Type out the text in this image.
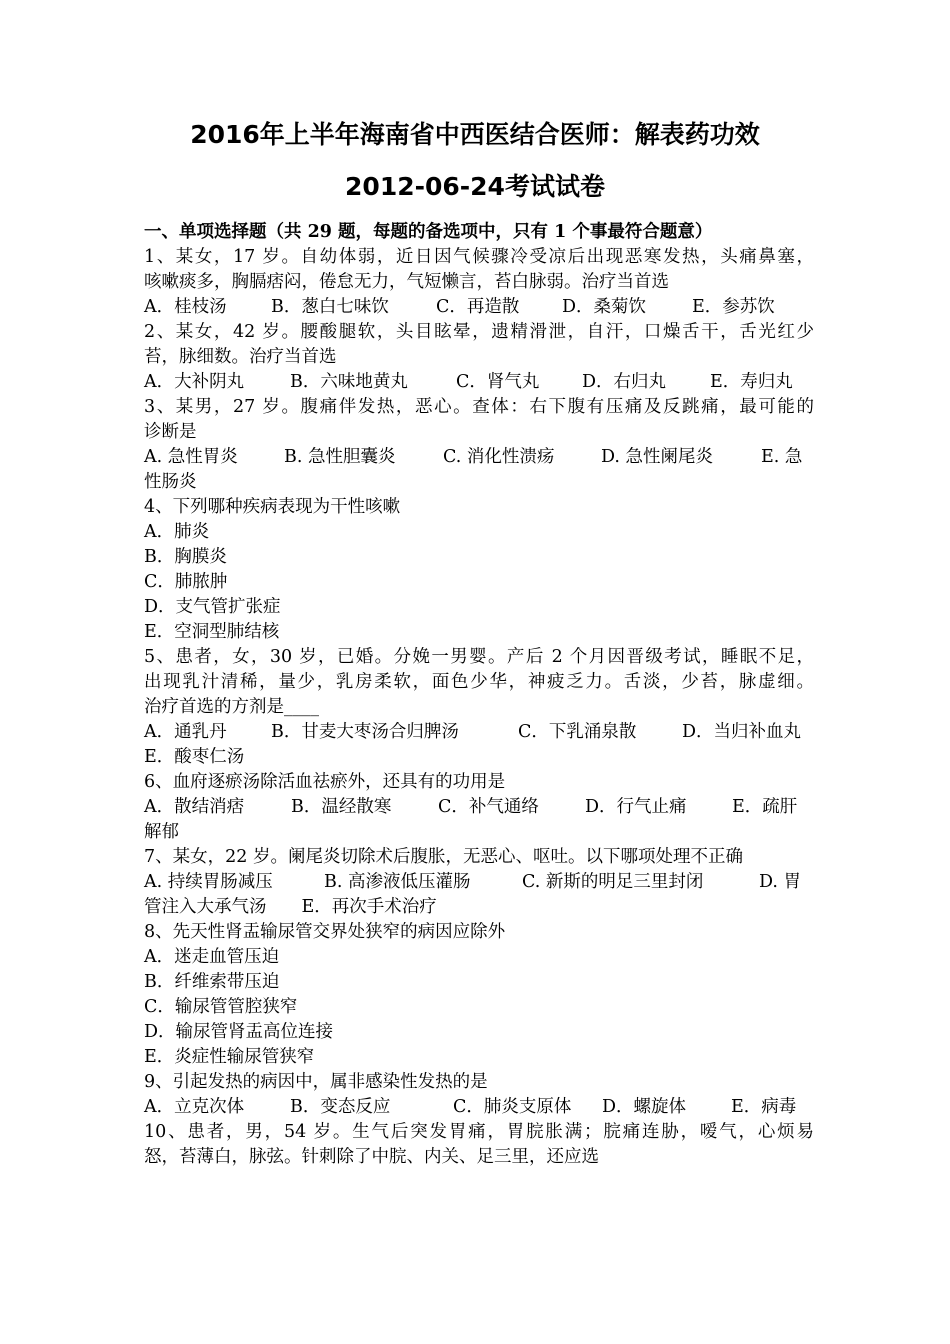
2016年上半年海南省中西医结合医师：解表药功效
2012-06-24考试试卷
一、单项选择题（共 29 题，每题的备选项中，只有 1 个事最符合题意）
1、某女，17 岁。自幼体弱，近日因气候骤冷受凉后出现恶寒发热，头痛鼻塞，
咳嗽痰多，胸膈痞闷，倦怠无力，气短懒言，苔白脉弱。治疗当首选
A．桂枝汤	B．葱白七味饮	C．再造散	D．桑菊饮	E．参苏饮
2、某女，42 岁。腰酸腿软，头目眩晕，遗精滑泄，自汗，口燥舌干，舌光红少
苔，脉细数。治疗当首选
A．大补阴丸	B．六味地黄丸	C．肾气丸	D．右归丸	E．寿归丸
3、某男，27 岁。腹痛伴发热，恶心。查体：右下腹有压痛及反跳痛，最可能的
诊断是
A. 急性胃炎	B. 急性胆囊炎	C. 消化性溃疡	D. 急性阑尾炎	E. 急
性肠炎
4、下列哪种疾病表现为干性咳嗽
A．肺炎
B．胸膜炎
C．肺脓肿
D．支气管扩张症
E．空洞型肺结核
5、患者，女，30 岁，已婚。分娩一男婴。产后 2 个月因晋级考试，睡眠不足，
出现乳汁清稀，量少，乳房柔软，面色少华，神疲乏力。舌淡，少苔，脉虚细。
治疗首选的方剂是____
A．通乳丹	B．甘麦大枣汤合归脾汤	C．下乳涌泉散	D．当归补血丸
E．酸枣仁汤
6、血府逐瘀汤除活血祛瘀外，还具有的功用是
A．散结消痞	B．温经散寒	C．补气通络	D．行气止痛	E．疏肝
解郁
7、某女，22 岁。阑尾炎切除术后腹胀，无恶心、呕吐。以下哪项处理不正确
A. 持续胃肠减压	B. 高渗液低压灌肠	C. 新斯的明足三里封闭	D. 胃
管注入大承气汤　　E．再次手术治疗
8、先天性肾盂输尿管交界处狭窄的病因应除外
A．迷走血管压迫
B．纤维索带压迫
C．输尿管管腔狭窄
D．输尿管肾盂高位连接
E．炎症性输尿管狭窄
9、引起发热的病因中，属非感染性发热的是
A．立克次体	B．变态反应	C．肺炎支原体	D．螺旋体	E．病毒
10、患者，男，54 岁。生气后突发胃痛，胃脘胀满；脘痛连胁，嗳气，心烦易
怒，苔薄白，脉弦。针刺除了中脘、内关、足三里，还应选
